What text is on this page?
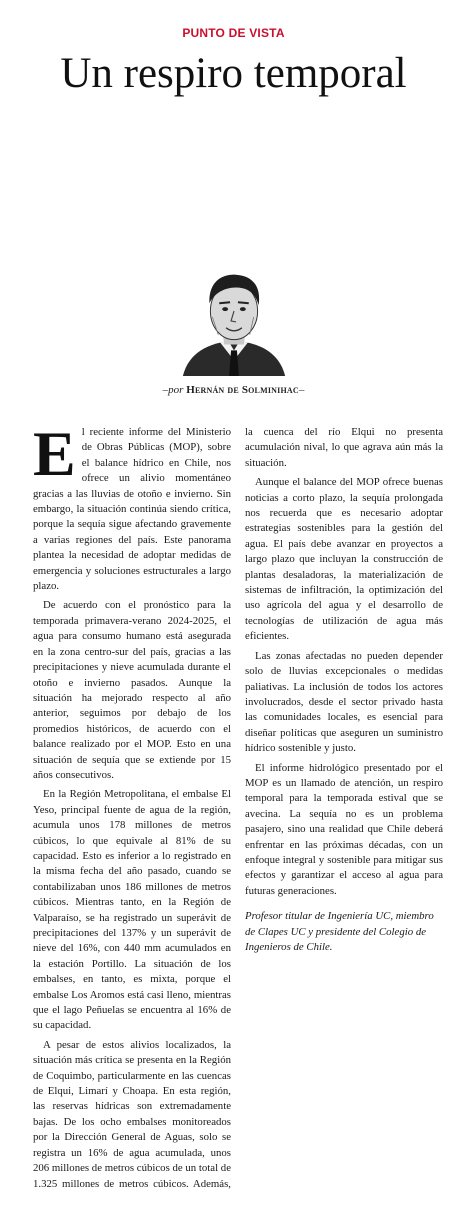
PUNTO DE VISTA
Un respiro temporal
–por Hernán de Solminihac–

El reciente informe del Ministerio de Obras Públicas (MOP), sobre el balance hídrico en Chile, nos ofrece un alivio momentáneo gracias a las lluvias de otoño e invierno. Sin embargo, la situación continúa siendo crítica, porque la sequía sigue afectando gravemente a varias regiones del país. Este panorama plantea la necesidad de adoptar medidas de emergencia y soluciones estructurales a largo plazo.

De acuerdo con el pronóstico para la temporada primavera-verano 2024-2025, el agua para consumo humano está asegurada en la zona centro-sur del país, gracias a las precipitaciones y nieve acumulada durante el otoño e invierno pasados. Aunque la situación ha mejorado respecto al año anterior, seguimos por debajo de los promedios históricos, de acuerdo con el balance realizado por el MOP. Esto en una situación de sequía que se extiende por 15 años consecutivos.

En la Región Metropolitana, el embalse El Yeso, principal fuente de agua de la región, acumula unos 178 millones de metros cúbicos, lo que equivale al 81% de su capacidad. Esto es inferior a lo registrado en la misma fecha del año pasado, cuando se contabilizaban unos 186 millones de metros cúbicos. Mientras tanto, en la Región de Valparaíso, se ha registrado un superávit de precipitaciones del 137% y un superávit de nieve del 16%, con 440 mm acumulados en la estación Portillo. La situación de los embalses, en tanto, es mixta, porque el embalse Los Aromos está casi lleno, mientras que el lago Peñuelas se encuentra al 16% de su capacidad.

A pesar de estos alivios localizados, la situación más crítica se presenta en la Región de Coquimbo, particularmente en las cuencas de Elqui, Limarí y Choapa. En esta región, las reservas hídricas son extremadamente bajas. De los ocho embalses monitoreados por la Dirección General de Aguas, solo se registra un 16% de agua acumulada, unos 206 millones de metros cúbicos de un total de 1.325 millones de metros cúbicos. Además, la cuenca del río Elqui no presenta acumulación nival, lo que agrava aún más la situación.

Aunque el balance del MOP ofrece buenas noticias a corto plazo, la sequía prolongada nos recuerda que es necesario adoptar estrategias sostenibles para la gestión del agua. El país debe avanzar en proyectos a largo plazo que incluyan la construcción de plantas desaladoras, la materialización de sistemas de infiltración, la optimización del uso agrícola del agua y el desarrollo de tecnologías de utilización de agua más eficientes.

Las zonas afectadas no pueden depender solo de lluvias excepcionales o medidas paliativas. La inclusión de todos los actores involucrados, desde el sector privado hasta las comunidades locales, es esencial para diseñar políticas que aseguren un suministro hídrico sostenible y justo.

El informe hidrológico presentado por el MOP es un llamado de atención, un respiro temporal para la temporada estival que se avecina. La sequía no es un problema pasajero, sino una realidad que Chile deberá enfrentar en las próximas décadas, con un enfoque integral y sostenible para mitigar sus efectos y garantizar el acceso al agua para futuras generaciones.

Profesor titular de Ingeniería UC, miembro de Clapes UC y presidente del Colegio de Ingenieros de Chile.
